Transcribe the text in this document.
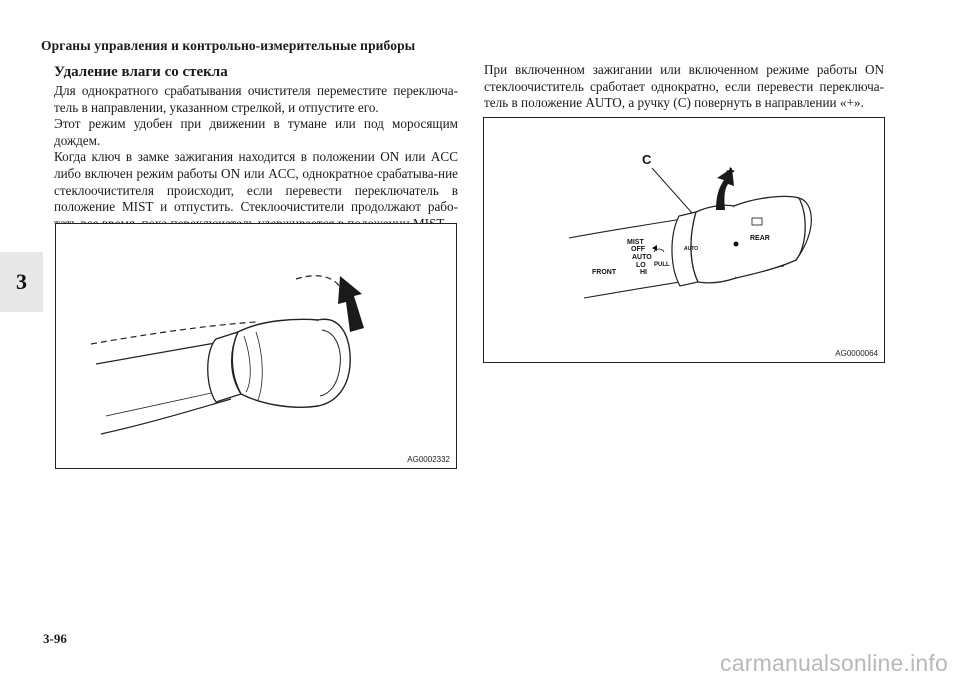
Органы управления и контрольно-измерительные приборы
3
Удаление влаги со стекла

Для однократного срабатывания очистителя переместите переключа-тель в направлении, указанном стрелкой, и отпустите его.

Этот режим удобен при движении в тумане или под моросящим дождем.

Когда ключ в замке зажигания находится в положении ON или ACC либо включен режим работы ON или ACC, однократное срабатыва-ние стеклоочистителя происходит, если перевести переключатель в положение MIST и отпустить. Стеклоочистители продолжают рабо-

При включенном зажигании или включенном режиме работы ON стеклоочиститель сработает однократно, если перевести переключа-тель в положение AUTO, а ручку (C) повернуть в направлении «+».

AG0002332
C
+
MIST
OFF
AUTO
LO
HI
FRONT
PULL
AUTO
REAR
AG0000064
3-96
carmanualsonline.info
